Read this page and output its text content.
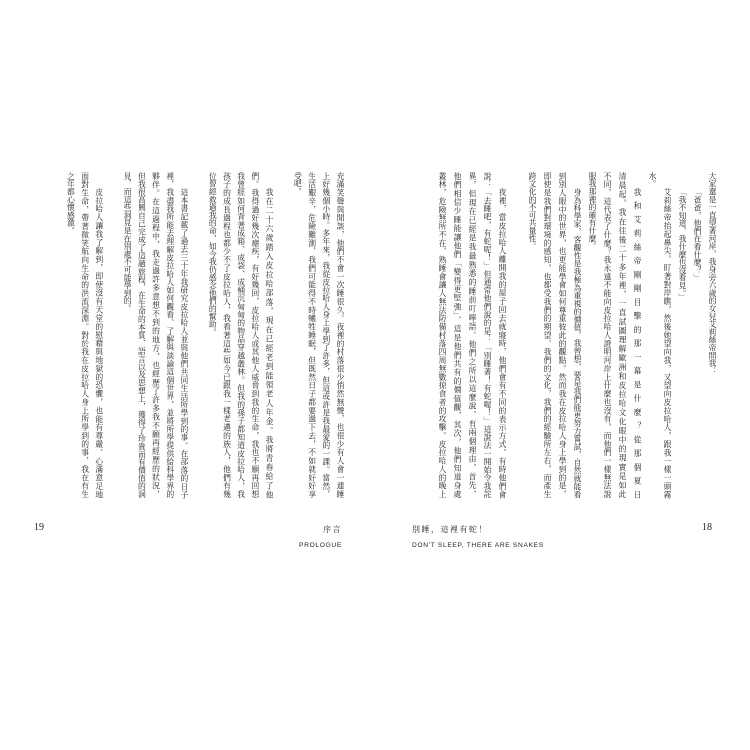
充滿笑聲與閒談，他們不會一次睡很久。夜裡的村落很少悄然無聲，也很少有人會一連睡
上好幾個小時。多年來，我從皮拉哈人身上學到了許多，但這或許是我最愛的一課。當然，
生活艱辛，危險難測，我們可能得不時犧牲睡眠，但既然日子都要過下去，不如就好好享
受吧。
我在二十六歲踏入皮拉哈部落，現在已經老到能領老人年金。我將青春給了他
們。我得過好幾次瘧疾，有好幾回，皮拉哈人或其他人威脅到我的生命，我也不願再回想
我曾經如何背著成箱、成袋、成桶沉甸甸的物品穿越叢林。但我的孫子都知道皮拉哈人，我
孩子的成長過程也都少不了皮拉哈人，我看著這些如今已跟我一樣老邁的族人，他們有幾
位曾經救過我的命，如今我仍感念他們的幫助。
這本書記載了過去三十年我研究皮拉哈人並與他們共同生活所學到的事。在部落的日子
裡，我盡我所能去理解皮拉哈人如何觀看、了解與談論這個世界，並將所學提供給科學界的
夥伴。在這過程中，我走過許多意想不到的地方，也經歷了許多我不願再經歷的狀況，
但我很高興自己完成了這趟旅程，在生命的本質、語言以及思想上，獲得了珍貴而有價值的洞
見，而這些洞見是在別處不可能學到的。
皮拉哈人讓我了解到，即使沒有天堂的慰藉與地獄的恐懼，也能有尊嚴、心滿意足地
面對生命，帶著微笑航向生命的洪流深淵。對於我在皮拉哈人身上所學到的事，我在有生
之年都心懷感激。
19	序言
PROLOGUE
大家還是一直望著河岸，我身旁六歲的女兒艾莉絲帝問我：
「爸爸，他們在看什麼？」
「我不知道，我什麼也沒看見。」
艾莉絲帝抬起鼻尖，盯著對岸瞧，然後她望向我，又望向皮拉哈人，跟我一樣一頭霧
水。
我和艾莉絲帝剛剛目擊的那一幕是什麼？從那個夏日
清晨起，我在往後二十多年裡，一直試圖理解歐洲和皮拉哈文化眼中的現實是如此
不同，這代表了什麼？我永遠不能向皮拉哈人證明河岸上什麼也沒有，而他們一樣無法說
服我那裡的確有什麼。
身為科學家，客觀性是我極為重視的價值，我曾想，要是我們能更努力嘗試，自然就能看
到別人眼中的世界，也更能學會如何尊重彼此的觀點。然而我在皮拉哈人身上學到的是，
即使是我們對環境的感知，也都受我們的期望、我們的文化，我們的經驗所左右，而產生
跨文化的不可共量性。
夜裡，當皮拉哈人離開我的屋子回去就寢時，他們會有不同的表示方式，有時他們會
說：「去睡吧，有蛇呢！」但通常他們說的是：「別睡著！有蛇喔！」這說法一開始令我詫
異，但現在已經是我最熟悉的睡前叮嚀語。他們之所以這麼說，有兩個理由，首先，
他們相信少睡能讓他們「變得更堅強」，這是他們共有的價值觀，其次，他們知道身處
叢林，危險無所不在，熟睡會讓人無法防備村落四周無數掠食者的攻擊。皮拉哈人的晚上
別睡，這裡有蛇！
DON'T SLEEP, THERE ARE SNAKES
18
